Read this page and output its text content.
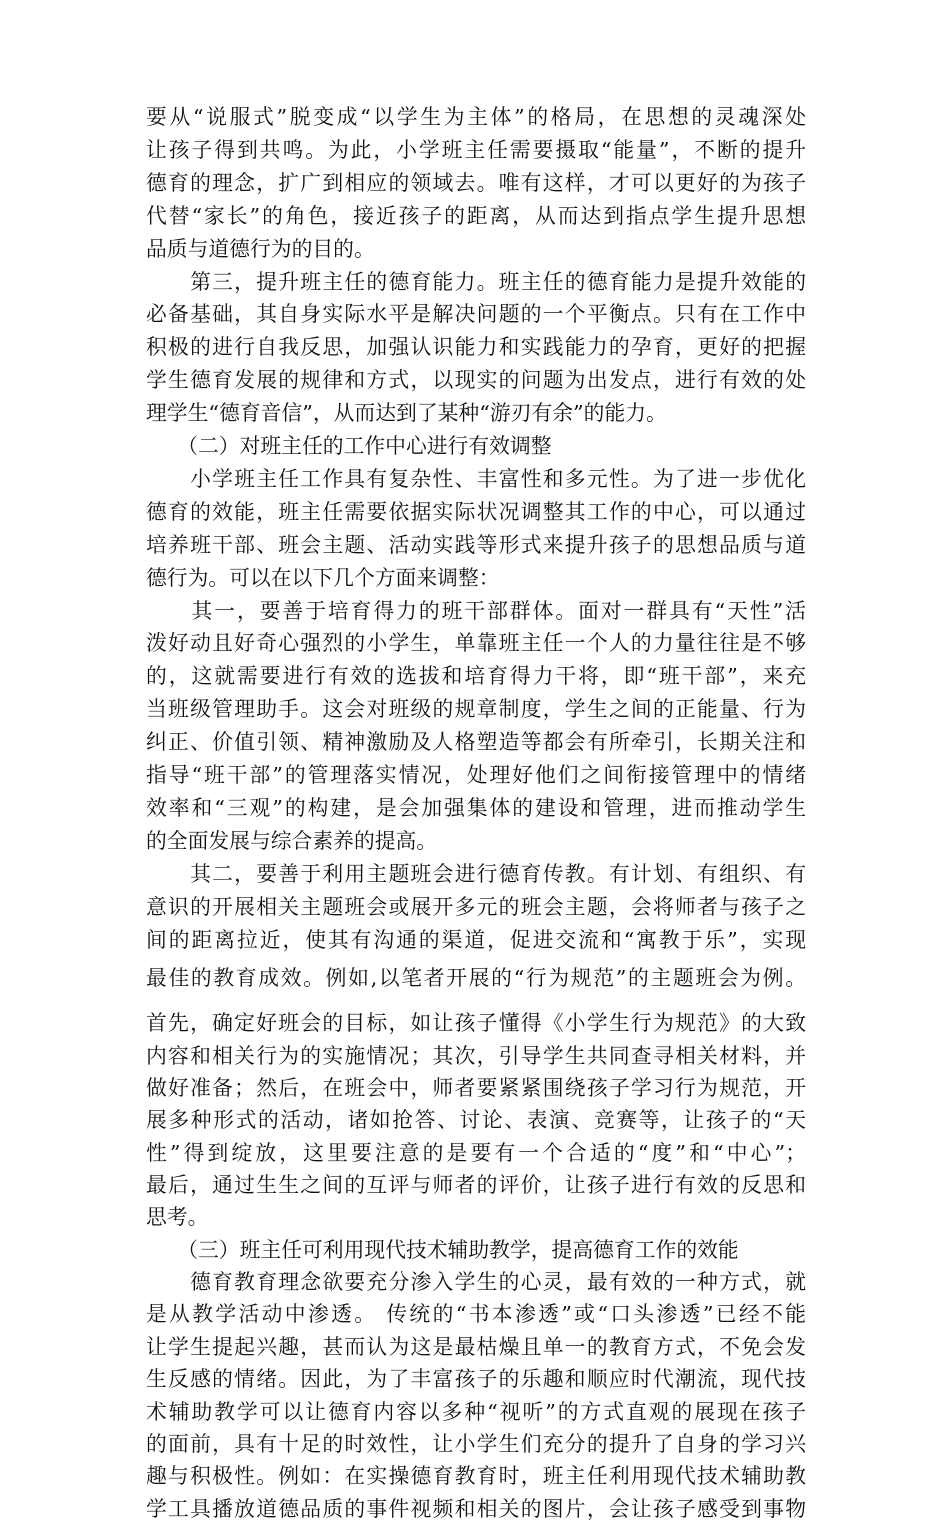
要从“说服式”脱变成“以学生为主体”的格局，在思想的灵魂深处
让孩子得到共鸣。为此，小学班主任需要摄取“能量”，不断的提升
德育的理念，扩广到相应的领域去。唯有这样，才可以更好的为孩子
代替“家长”的角色，接近孩子的距离，从而达到指点学生提升思想
品质与道德行为的目的。
　　第三，提升班主任的德育能力。班主任的德育能力是提升效能的
必备基础，其自身实际水平是解决问题的一个平衡点。只有在工作中
积极的进行自我反思，加强认识能力和实践能力的孕育，更好的把握
学生德育发展的规律和方式，以现实的问题为出发点，进行有效的处
理学生“德育音信”，从而达到了某种“游刃有余”的能力。
　　（二）对班主任的工作中心进行有效调整
　　小学班主任工作具有复杂性、丰富性和多元性。为了进一步优化
德育的效能，班主任需要依据实际状况调整其工作的中心，可以通过
培养班干部、班会主题、活动实践等形式来提升孩子的思想品质与道
德行为。可以在以下几个方面来调整：
　　其一，要善于培育得力的班干部群体。面对一群具有“天性”活
泼好动且好奇心强烈的小学生，单靠班主任一个人的力量往往是不够
的，这就需要进行有效的选拔和培育得力干将，即“班干部”，来充
当班级管理助手。这会对班级的规章制度，学生之间的正能量、行为
纠正、价值引领、精神激励及人格塑造等都会有所牵引，长期关注和
指导“班干部”的管理落实情况，处理好他们之间衔接管理中的情绪
效率和“三观”的构建，是会加强集体的建设和管理，进而推动学生
的全面发展与综合素养的提高。
　　其二，要善于利用主题班会进行德育传教。有计划、有组织、有
意识的开展相关主题班会或展开多元的班会主题，会将师者与孩子之
间的距离拉近，使其有沟通的渠道，促进交流和“寓教于乐”，实现
最佳的教育成效。例如,以笔者开展的“行为规范”的主题班会为例。
首先，确定好班会的目标，如让孩子懂得《小学生行为规范》的大致
内容和相关行为的实施情况；其次，引导学生共同查寻相关材料，并
做好准备；然后，在班会中，师者要紧紧围绕孩子学习行为规范，开
展多种形式的活动，诸如抢答、讨论、表演、竞赛等，让孩子的“天
性”得到绽放，这里要注意的是要有一个合适的“度”和“中心”；
最后，通过生生之间的互评与师者的评价，让孩子进行有效的反思和
思考。
　　（三）班主任可利用现代技术辅助教学，提高德育工作的效能
　　德育教育理念欲要充分渗入学生的心灵，最有效的一种方式，就
是从教学活动中渗透。 传统的“书本渗透”或“口头渗透”已经不能
让学生提起兴趣，甚而认为这是最枯燥且单一的教育方式，不免会发
生反感的情绪。因此，为了丰富孩子的乐趣和顺应时代潮流，现代技
术辅助教学可以让德育内容以多种“视听”的方式直观的展现在孩子
的面前，具有十足的时效性，让小学生们充分的提升了自身的学习兴
趣与积极性。例如：在实操德育教育时，班主任利用现代技术辅助教
学工具播放道德品质的事件视频和相关的图片，会让孩子感受到事物
